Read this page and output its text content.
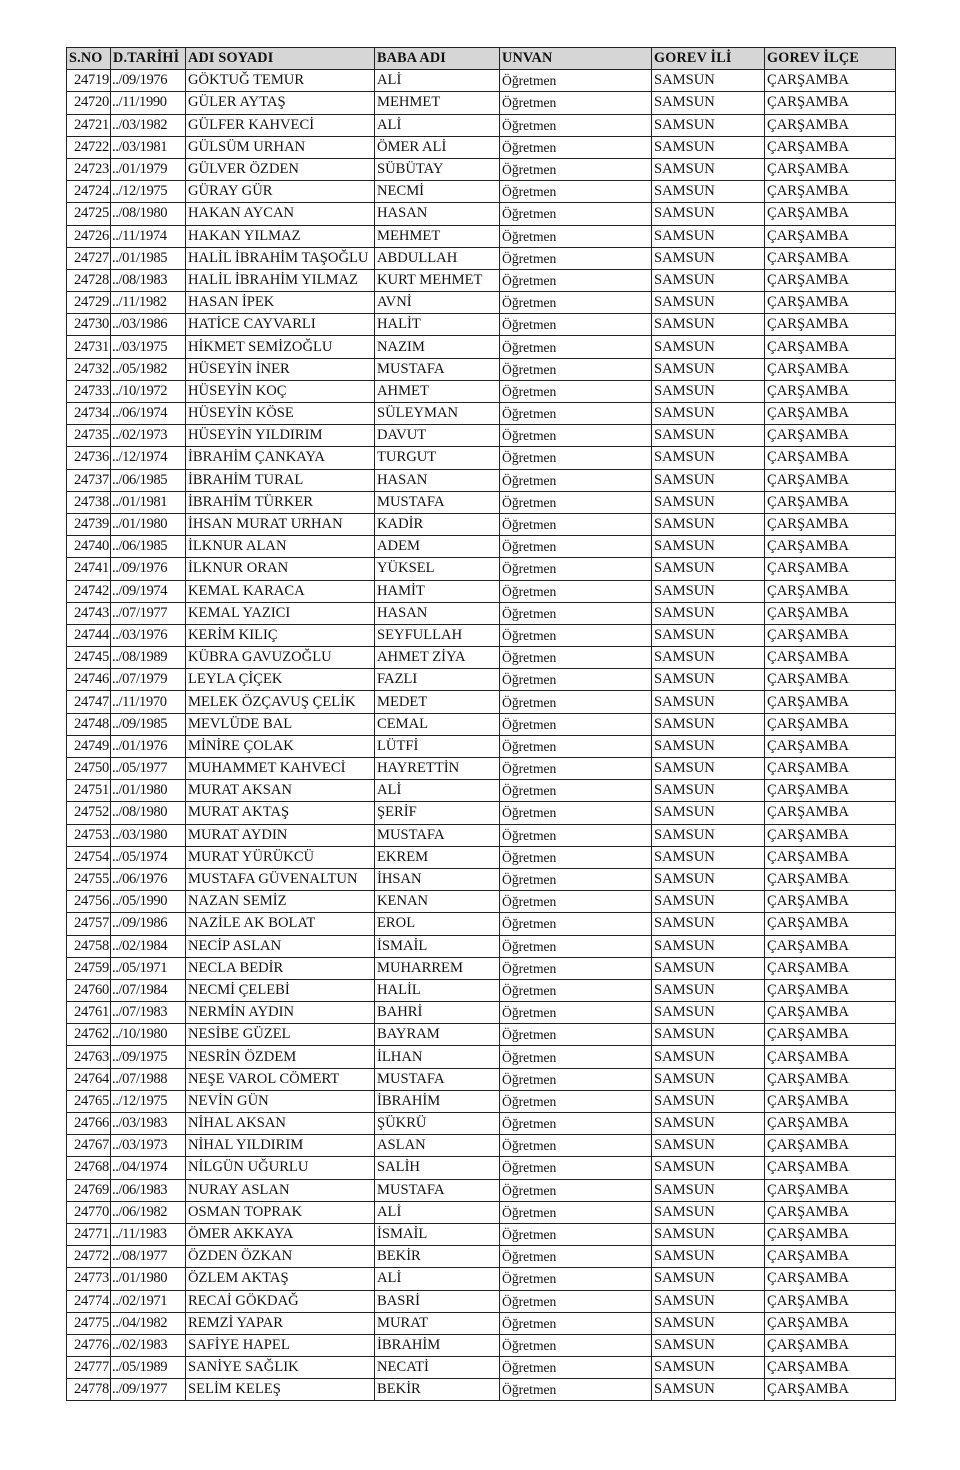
S.NO	D.TARİHİ	ADI SOYADI	BABA ADI	UNVAN	GOREV İLİ	GOREV İLÇE
24719	../09/1976	GÖKTUĞ TEMUR	ALİ	Öğretmen	SAMSUN	ÇARŞAMBA
24720	../11/1990	GÜLER AYTAŞ	MEHMET	Öğretmen	SAMSUN	ÇARŞAMBA
24721	../03/1982	GÜLFER KAHVECİ	ALİ	Öğretmen	SAMSUN	ÇARŞAMBA
24722	../03/1981	GÜLSÜM URHAN	ÖMER ALİ	Öğretmen	SAMSUN	ÇARŞAMBA
24723	../01/1979	GÜLVER ÖZDEN	SÜBÜTAY	Öğretmen	SAMSUN	ÇARŞAMBA
24724	../12/1975	GÜRAY GÜR	NECMİ	Öğretmen	SAMSUN	ÇARŞAMBA
24725	../08/1980	HAKAN AYCAN	HASAN	Öğretmen	SAMSUN	ÇARŞAMBA
24726	../11/1974	HAKAN YILMAZ	MEHMET	Öğretmen	SAMSUN	ÇARŞAMBA
24727	../01/1985	HALİL İBRAHİM TAŞOĞLU	ABDULLAH	Öğretmen	SAMSUN	ÇARŞAMBA
24728	../08/1983	HALİL İBRAHİM YILMAZ	KURT MEHMET	Öğretmen	SAMSUN	ÇARŞAMBA
24729	../11/1982	HASAN İPEK	AVNİ	Öğretmen	SAMSUN	ÇARŞAMBA
24730	../03/1986	HATİCE CAYVARLI	HALİT	Öğretmen	SAMSUN	ÇARŞAMBA
24731	../03/1975	HİKMET SEMİZOĞLU	NAZIM	Öğretmen	SAMSUN	ÇARŞAMBA
24732	../05/1982	HÜSEYİN İNER	MUSTAFA	Öğretmen	SAMSUN	ÇARŞAMBA
24733	../10/1972	HÜSEYİN KOÇ	AHMET	Öğretmen	SAMSUN	ÇARŞAMBA
24734	../06/1974	HÜSEYİN KÖSE	SÜLEYMAN	Öğretmen	SAMSUN	ÇARŞAMBA
24735	../02/1973	HÜSEYİN YILDIRIM	DAVUT	Öğretmen	SAMSUN	ÇARŞAMBA
24736	../12/1974	İBRAHİM ÇANKAYA	TURGUT	Öğretmen	SAMSUN	ÇARŞAMBA
24737	../06/1985	İBRAHİM TURAL	HASAN	Öğretmen	SAMSUN	ÇARŞAMBA
24738	../01/1981	İBRAHİM TÜRKER	MUSTAFA	Öğretmen	SAMSUN	ÇARŞAMBA
24739	../01/1980	İHSAN MURAT URHAN	KADİR	Öğretmen	SAMSUN	ÇARŞAMBA
24740	../06/1985	İLKNUR ALAN	ADEM	Öğretmen	SAMSUN	ÇARŞAMBA
24741	../09/1976	İLKNUR ORAN	YÜKSEL	Öğretmen	SAMSUN	ÇARŞAMBA
24742	../09/1974	KEMAL KARACA	HAMİT	Öğretmen	SAMSUN	ÇARŞAMBA
24743	../07/1977	KEMAL YAZICI	HASAN	Öğretmen	SAMSUN	ÇARŞAMBA
24744	../03/1976	KERİM KILIÇ	SEYFULLAH	Öğretmen	SAMSUN	ÇARŞAMBA
24745	../08/1989	KÜBRA GAVUZOĞLU	AHMET ZİYA	Öğretmen	SAMSUN	ÇARŞAMBA
24746	../07/1979	LEYLA ÇİÇEK	FAZLI	Öğretmen	SAMSUN	ÇARŞAMBA
24747	../11/1970	MELEK ÖZÇAVUŞ ÇELİK	MEDET	Öğretmen	SAMSUN	ÇARŞAMBA
24748	../09/1985	MEVLÜDE BAL	CEMAL	Öğretmen	SAMSUN	ÇARŞAMBA
24749	../01/1976	MİNİRE ÇOLAK	LÜTFİ	Öğretmen	SAMSUN	ÇARŞAMBA
24750	../05/1977	MUHAMMET KAHVECİ	HAYRETTİN	Öğretmen	SAMSUN	ÇARŞAMBA
24751	../01/1980	MURAT AKSAN	ALİ	Öğretmen	SAMSUN	ÇARŞAMBA
24752	../08/1980	MURAT AKTAŞ	ŞERİF	Öğretmen	SAMSUN	ÇARŞAMBA
24753	../03/1980	MURAT AYDIN	MUSTAFA	Öğretmen	SAMSUN	ÇARŞAMBA
24754	../05/1974	MURAT YÜRÜKCÜ	EKREM	Öğretmen	SAMSUN	ÇARŞAMBA
24755	../06/1976	MUSTAFA GÜVENALTUN	İHSAN	Öğretmen	SAMSUN	ÇARŞAMBA
24756	../05/1990	NAZAN SEMİZ	KENAN	Öğretmen	SAMSUN	ÇARŞAMBA
24757	../09/1986	NAZİLE AK BOLAT	EROL	Öğretmen	SAMSUN	ÇARŞAMBA
24758	../02/1984	NECİP ASLAN	İSMAİL	Öğretmen	SAMSUN	ÇARŞAMBA
24759	../05/1971	NECLA BEDİR	MUHARREM	Öğretmen	SAMSUN	ÇARŞAMBA
24760	../07/1984	NECMİ ÇELEBİ	HALİL	Öğretmen	SAMSUN	ÇARŞAMBA
24761	../07/1983	NERMİN AYDIN	BAHRİ	Öğretmen	SAMSUN	ÇARŞAMBA
24762	../10/1980	NESİBE GÜZEL	BAYRAM	Öğretmen	SAMSUN	ÇARŞAMBA
24763	../09/1975	NESRİN ÖZDEM	İLHAN	Öğretmen	SAMSUN	ÇARŞAMBA
24764	../07/1988	NEŞE VAROL CÖMERT	MUSTAFA	Öğretmen	SAMSUN	ÇARŞAMBA
24765	../12/1975	NEVİN GÜN	İBRAHİM	Öğretmen	SAMSUN	ÇARŞAMBA
24766	../03/1983	NİHAL AKSAN	ŞÜKRÜ	Öğretmen	SAMSUN	ÇARŞAMBA
24767	../03/1973	NİHAL YILDIRIM	ASLAN	Öğretmen	SAMSUN	ÇARŞAMBA
24768	../04/1974	NİLGÜN UĞURLU	SALİH	Öğretmen	SAMSUN	ÇARŞAMBA
24769	../06/1983	NURAY ASLAN	MUSTAFA	Öğretmen	SAMSUN	ÇARŞAMBA
24770	../06/1982	OSMAN TOPRAK	ALİ	Öğretmen	SAMSUN	ÇARŞAMBA
24771	../11/1983	ÖMER AKKAYA	İSMAİL	Öğretmen	SAMSUN	ÇARŞAMBA
24772	../08/1977	ÖZDEN ÖZKAN	BEKİR	Öğretmen	SAMSUN	ÇARŞAMBA
24773	../01/1980	ÖZLEM AKTAŞ	ALİ	Öğretmen	SAMSUN	ÇARŞAMBA
24774	../02/1971	RECAİ GÖKDAĞ	BASRİ	Öğretmen	SAMSUN	ÇARŞAMBA
24775	../04/1982	REMZİ YAPAR	MURAT	Öğretmen	SAMSUN	ÇARŞAMBA
24776	../02/1983	SAFİYE HAPEL	İBRAHİM	Öğretmen	SAMSUN	ÇARŞAMBA
24777	../05/1989	SANİYE SAĞLIK	NECATİ	Öğretmen	SAMSUN	ÇARŞAMBA
24778	../09/1977	SELİM KELEŞ	BEKİR	Öğretmen	SAMSUN	ÇARŞAMBA
